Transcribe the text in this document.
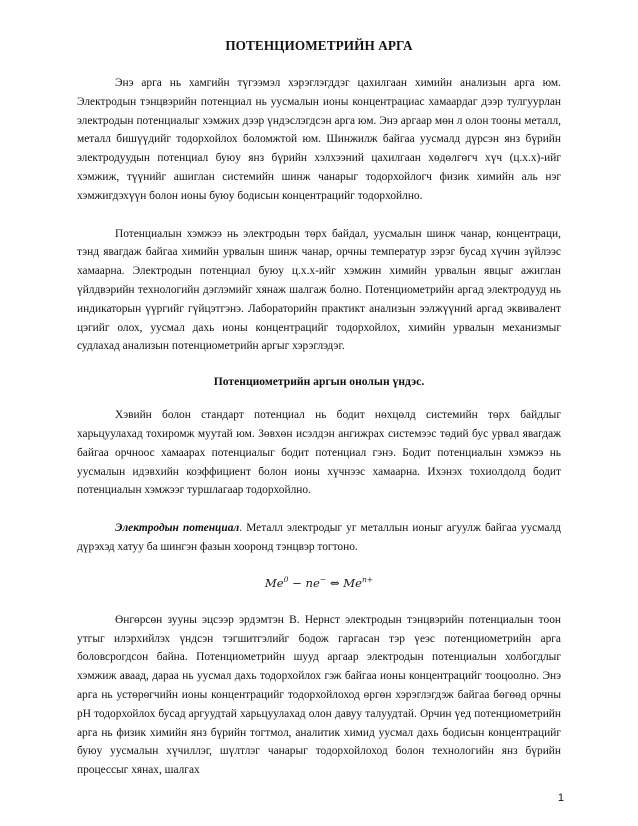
ПОТЕНЦИОМЕТРИЙН АРГА

Энэ арга нь хамгийн түгээмэл хэрэглэгддэг цахилгаан химийн анализын арга юм. Электродын тэнцвэрийн потенциал нь уусмалын ионы концентрациас хамаардаг дээр тулгуурлан электродын потенциалыг хэмжих дээр үндэслэгдсэн арга юм. Энэ аргаар мөн л олон тооны металл, металл бишүүдийг тодорхойлох боломжтой юм. Шинжилж байгаа уусмалд дүрсэн янз бүрийн электродуудын потенциал буюу янз бүрийн хэлхээний цахилгаан хөдөлгөгч хүч (ц.х.х)-ийг хэмжиж, түүнийг ашиглан системийн шинж чанарыг тодорхойлогч физик химийн аль нэг хэмжигдэхүүн болон ионы буюу бодисын концентрацийг тодорхойлно.

Потенциалын хэмжээ нь электродын төрх байдал, уусмалын шинж чанар, концентраци, тэнд явагдаж байгаа химийн урвалын шинж чанар, орчны температур зэрэг бусад хүчин зүйлээс хамаарна. Электродын потенциал буюу ц.х.х-ийг хэмжин химийн урвалын явцыг ажиглан үйлдвэрийн технологийн дэглэмийг хянаж шалгаж болно. Потенциометрийн аргад электродууд нь индикаторын үүргийг гүйцэтгэнэ. Лабораторийн практикт анализын ээлжүүний аргад эквивалент цэгийг олох, уусмал дахь ионы концентрацийг тодорхойлох, химийн урвалын механизмыг судлахад анализын потенциометрийн аргыг хэрэглэдэг.

Потенциометрийн аргын онолын үндэс.

Хэвийн болон стандарт потенциал нь бодит нөхцөлд системийн төрх байдлыг харьцуулахад тохиромж муутай юм. Зөвхөн исэлдэн ангижрах системээс төдий бус урвал явагдаж байгаа орчноос хамаарах потенциалыг бодит потенциал гэнэ. Бодит потенциалын хэмжээ нь уусмалын идэвхийн коэффициент болон ионы хүчнээс хамаарна. Ихэнэх тохиолдолд бодит потенциалын хэмжээг туршлагаар тодорхойлно.

Электродын потенциал. Металл электродыг уг металлын ионыг агуулж байгаа уусмалд дүрэхэд хатуу ба шингэн фазын хооронд тэнцвэр тогтоно.

$Me^0 - ne^-$ ⇔ $Me^{n+}$

Өнгөрсөн зууны эцсээр эрдэмтэн В. Нернст электродын тэнцвэрийн потенциалын тоон утгыг илэрхийлэх үндсэн тэгшитгэлийг бодож гаргасан тэр үеэс потенциометрийн арга боловсрогдсон байна. Потенциометрийн шууд аргаар электродын потенциалын холбогдлыг хэмжиж аваад, дараа нь уусмал дахь тодорхойлох гэж байгаа ионы концентрацийг тооцоолно. Энэ арга нь устөрөгчийн ионы концентрацийг тодорхойлоход өргөн хэрэглэгдэж байгаа бөгөөд орчны рН тодорхойлох бусад аргуудтай харьцуулахад олон давуу талуудтай. Орчин үед потенциометрийн арга нь физик химийн янз бүрийн тогтмол, аналитик химид уусмал дахь бодисын концентрацийг буюу уусмалын хүчиллэг, шүлтлэг чанарыг тодорхойлоход болон технологийн янз бүрийн процессыг хянах, шалгах

1
